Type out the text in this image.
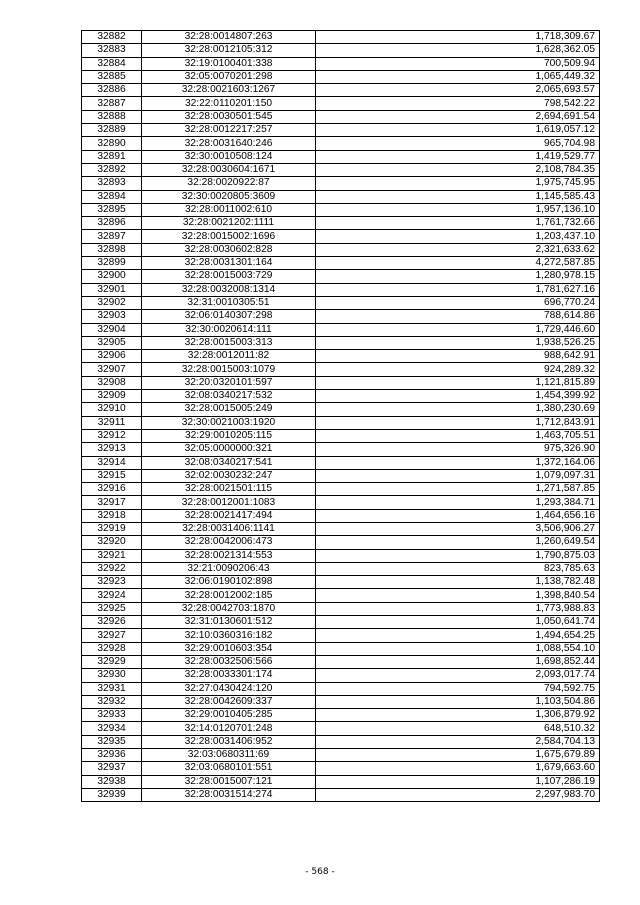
32882	32:28:0014807:263	1,718,309.67
32883	32:28:0012105:312	1,628,362.05
32884	32:19:0100401:338	700,509.94
32885	32:05:0070201:298	1,065,449.32
32886	32:28:0021603:1267	2,065,693.57
32887	32:22:0110201:150	798,542.22
32888	32:28:0030501:545	2,694,691.54
32889	32:28:0012217:257	1,619,057.12
32890	32:28:0031640:246	965,704.98
32891	32:30:0010508:124	1,419,529.77
32892	32:28:0030604:1671	2,108,784.35
32893	32:28:0020922:87	1,975,745.95
32894	32:30:0020805:3609	1,145,585.43
32895	32:28:0011002:610	1,957,136.10
32896	32:28:0021202:1111	1,761,732.66
32897	32:28:0015002:1696	1,203,437.10
32898	32:28:0030602:828	2,321,633.62
32899	32:28:0031301:164	4,272,587.85
32900	32:28:0015003:729	1,280,978.15
32901	32:28:0032008:1314	1,781,627.16
32902	32:31:0010305:51	696,770.24
32903	32:06:0140307:298	788,614.86
32904	32:30:0020614:111	1,729,446.60
32905	32:28:0015003:313	1,938,526.25
32906	32:28:0012011:82	988,642.91
32907	32:28:0015003:1079	924,289.32
32908	32:20:0320101:597	1,121,815.89
32909	32:08:0340217:532	1,454,399.92
32910	32:28:0015005:249	1,380,230.69
32911	32:30:0021003:1920	1,712,843.91
32912	32:29:0010205:115	1,463,705.51
32913	32:05:0000000:321	975,326.90
32914	32:08:0340217:541	1,372,164.06
32915	32:02:0030232:247	1,079,097.31
32916	32:28:0021501:115	1,271,587.85
32917	32:28:0012001:1083	1,293,384.71
32918	32:28:0021417:494	1,464,656.16
32919	32:28:0031406:1141	3,506,906.27
32920	32:28:0042006:473	1,260,649.54
32921	32:28:0021314:553	1,790,875.03
32922	32:21:0090206:43	823,785.63
32923	32:06:0190102:898	1,138,782.48
32924	32:28:0012002:185	1,398,840.54
32925	32:28:0042703:1870	1,773,988.83
32926	32:31:0130601:512	1,050,641.74
32927	32:10:0360316:182	1,494,654.25
32928	32:29:0010603:354	1,088,554.10
32929	32:28:0032506:566	1,698,852.44
32930	32:28:0033301:174	2,093,017.74
32931	32:27:0430424:120	794,592.75
32932	32:28:0042609:337	1,103,504.86
32933	32:29:0010405:285	1,306,879.92
32934	32:14:0120701:248	648,510.32
32935	32:28:0031406:952	2,584,704.13
32936	32:03:0680311:69	1,675,679.89
32937	32:03:0680101:551	1,679,663.60
32938	32:28:0015007:121	1,107,286.19
32939	32:28:0031514:274	2,297,983.70
- 568 -
